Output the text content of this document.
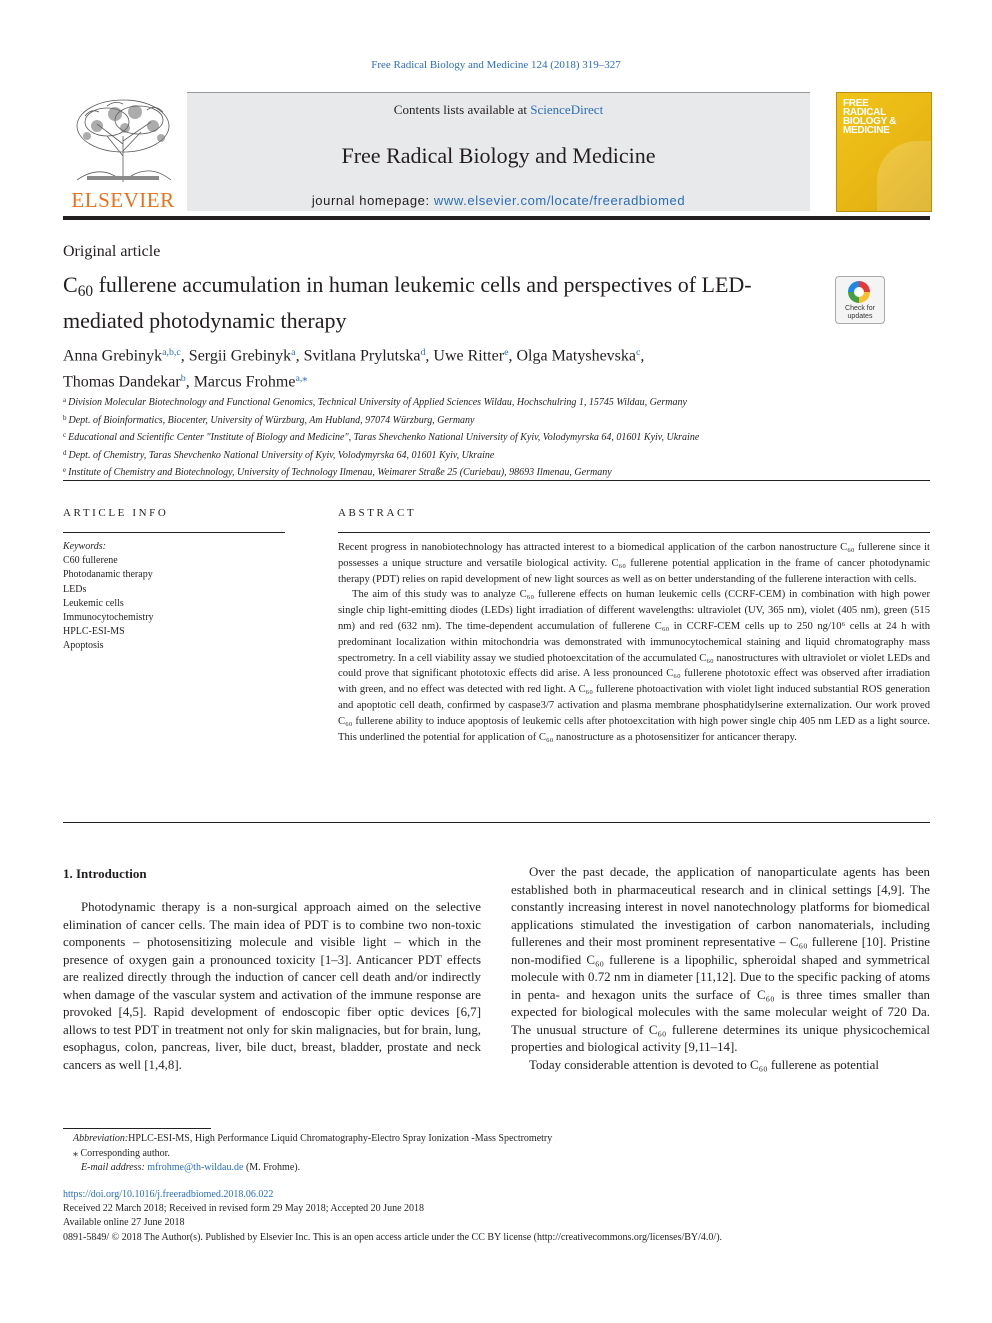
Free Radical Biology and Medicine 124 (2018) 319–327
ELSEVIER
Contents lists available at ScienceDirect
Free Radical Biology and Medicine
journal homepage: www.elsevier.com/locate/freeradbiomed
FREE
RADICAL
BIOLOGY &
MEDICINE
Original article
$C_{60}$ fullerene accumulation in human leukemic cells and perspectives of LED-mediated photodynamic therapy	Check for
updates
Anna Grebinyk$^{a,b,c}$, Sergii Grebinyk$^a$, Svitlana Prylutska$^d$, Uwe Ritter$^e$, Olga Matyshevska$^c$,
Thomas Dandekar$^b$, Marcus Frohme$^{a,⁎}$
$^a$ Division Molecular Biotechnology and Functional Genomics, Technical University of Applied Sciences Wildau, Hochschulring 1, 15745 Wildau, Germany
$^b$ Dept. of Bioinformatics, Biocenter, University of Würzburg, Am Hubland, 97074 Würzburg, Germany
$^c$ Educational and Scientific Center "Institute of Biology and Medicine", Taras Shevchenko National University of Kyiv, Volodymyrska 64, 01601 Kyiv, Ukraine
$^d$ Dept. of Chemistry, Taras Shevchenko National University of Kyiv, Volodymyrska 64, 01601 Kyiv, Ukraine
$^e$ Institute of Chemistry and Biotechnology, University of Technology Ilmenau, Weimarer Straße 25 (Curiebau), 98693 Ilmenau, Germany
ARTICLE INFO
Keywords:
C60 fullerene
Photodanamic therapy
LEDs
Leukemic cells
Immunocytochemistry
HPLC-ESI-MS
Apoptosis
ABSTRACT

Recent progress in nanobiotechnology has attracted interest to a biomedical application of the carbon nanostructure C₆₀ fullerene since it possesses a unique structure and versatile biological activity. C₆₀ fullerene potential application in the frame of cancer photodynamic therapy (PDT) relies on rapid development of new light sources as well as on better understanding of the fullerene interaction with cells.

The aim of this study was to analyze C₆₀ fullerene effects on human leukemic cells (CCRF-CEM) in combination with high power single chip light-emitting diodes (LEDs) light irradiation of different wavelengths: ultraviolet (UV, 365 nm), violet (405 nm), green (515 nm) and red (632 nm). The time-dependent accumulation of fullerene C₆₀ in CCRF-CEM cells up to 250 ng/10⁶ cells at 24 h with predominant localization within mitochondria was demonstrated with immunocytochemical staining and liquid chromatography mass spectrometry. In a cell viability assay we studied photoexcitation of the accumulated C₆₀ nanostructures with ultraviolet or violet LEDs and could prove that significant phototoxic effects did arise. A less pronounced C₆₀ fullerene phototoxic effect was observed after irradiation with green, and no effect was detected with red light. A C₆₀ fullerene photoactivation with violet light induced substantial ROS generation and apoptotic cell death, confirmed by caspase3/7 activation and plasma membrane phosphatidylserine externalization. Our work proved C₆₀ fullerene ability to induce apoptosis of leukemic cells after photoexcitation with high power single chip 405 nm LED as a light source. This underlined the potential for application of C₆₀ nanostructure as a photosensitizer for anticancer therapy.

1. Introduction

Photodynamic therapy is a non-surgical approach aimed on the selective elimination of cancer cells. The main idea of PDT is to combine two non-toxic components – photosensitizing molecule and visible light – which in the presence of oxygen gain a pronounced toxicity [1–3]. Anticancer PDT effects are realized directly through the induction of cancer cell death and/or indirectly when damage of the vascular system and activation of the immune response are provoked [4,5]. Rapid development of endoscopic fiber optic devices [6,7] allows to test PDT in treatment not only for skin malignacies, but for brain, lung, esophagus, colon, pancreas, liver, bile duct, breast, bladder, prostate and neck cancers as well [1,4,8].

Over the past decade, the application of nanoparticulate agents has been established both in pharmaceutical research and in clinical settings [4,9]. The constantly increasing interest in novel nanotechnology platforms for biomedical applications stimulated the investigation of carbon nanomaterials, including fullerenes and their most prominent representative – C₆₀ fullerene [10]. Pristine non-modified C₆₀ fullerene is a lipophilic, spheroidal shaped and symmetrical molecule with 0.72 nm in diameter [11,12]. Due to the specific packing of atoms in penta- and hexagon units the surface of C₆₀ is three times smaller than expected for biological molecules with the same molecular weight of 720 Da. The unusual structure of C₆₀ fullerene determines its unique physicochemical properties and biological activity [9,11–14].

Today considerable attention is devoted to C₆₀ fullerene as potential

Abbreviation:HPLC-ESI-MS, High Performance Liquid Chromatography-Electro Spray Ionization -Mass Spectrometry
⁎ Corresponding author.
E-mail address: mfrohme@th-wildau.de (M. Frohme).
https://doi.org/10.1016/j.freeradbiomed.2018.06.022
Received 22 March 2018; Received in revised form 29 May 2018; Accepted 20 June 2018
Available online 27 June 2018
0891-5849/ © 2018 The Author(s). Published by Elsevier Inc. This is an open access article under the CC BY license (http://creativecommons.org/licenses/BY/4.0/).
